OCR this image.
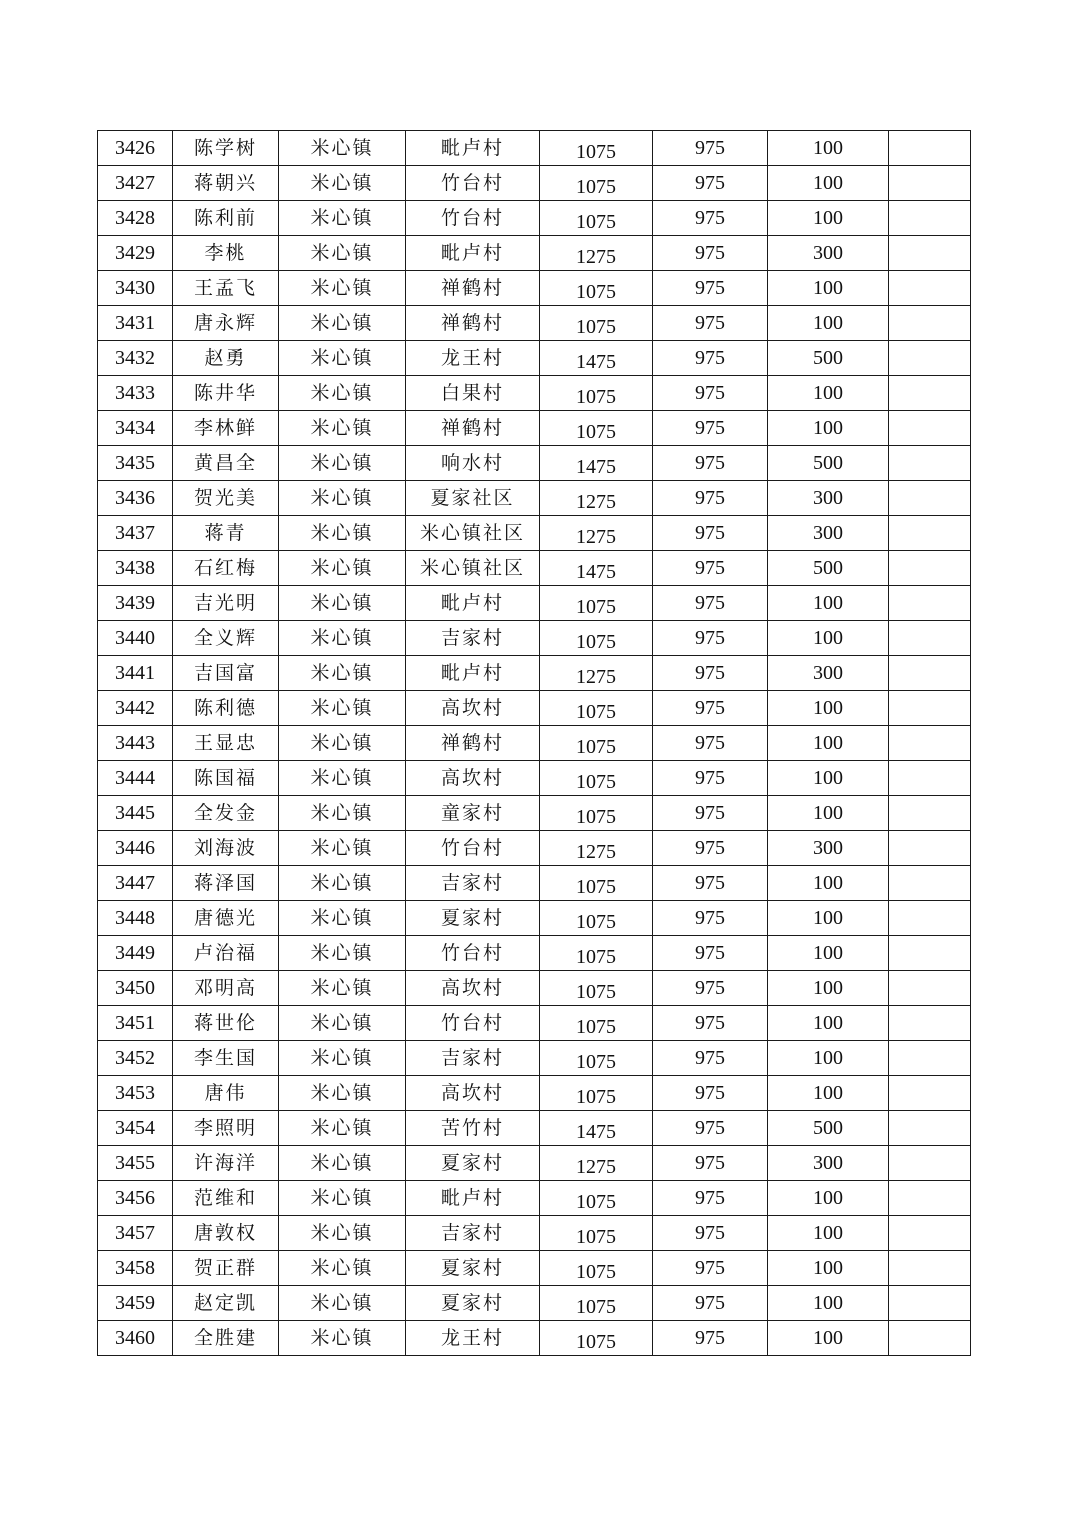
3426	陈学树	米心镇	毗卢村	1075	975	100	
3427	蒋朝兴	米心镇	竹台村	1075	975	100	
3428	陈利前	米心镇	竹台村	1075	975	100	
3429	李桃	米心镇	毗卢村	1275	975	300	
3430	王孟飞	米心镇	禅鹤村	1075	975	100	
3431	唐永辉	米心镇	禅鹤村	1075	975	100	
3432	赵勇	米心镇	龙王村	1475	975	500	
3433	陈井华	米心镇	白果村	1075	975	100	
3434	李林鲜	米心镇	禅鹤村	1075	975	100	
3435	黄昌全	米心镇	响水村	1475	975	500	
3436	贺光美	米心镇	夏家社区	1275	975	300	
3437	蒋青	米心镇	米心镇社区	1275	975	300	
3438	石红梅	米心镇	米心镇社区	1475	975	500	
3439	吉光明	米心镇	毗卢村	1075	975	100	
3440	全义辉	米心镇	吉家村	1075	975	100	
3441	吉国富	米心镇	毗卢村	1275	975	300	
3442	陈利德	米心镇	高坎村	1075	975	100	
3443	王显忠	米心镇	禅鹤村	1075	975	100	
3444	陈国福	米心镇	高坎村	1075	975	100	
3445	全发金	米心镇	童家村	1075	975	100	
3446	刘海波	米心镇	竹台村	1275	975	300	
3447	蒋泽国	米心镇	吉家村	1075	975	100	
3448	唐德光	米心镇	夏家村	1075	975	100	
3449	卢治福	米心镇	竹台村	1075	975	100	
3450	邓明高	米心镇	高坎村	1075	975	100	
3451	蒋世伦	米心镇	竹台村	1075	975	100	
3452	李生国	米心镇	吉家村	1075	975	100	
3453	唐伟	米心镇	高坎村	1075	975	100	
3454	李照明	米心镇	苦竹村	1475	975	500	
3455	许海洋	米心镇	夏家村	1275	975	300	
3456	范维和	米心镇	毗卢村	1075	975	100	
3457	唐敦权	米心镇	吉家村	1075	975	100	
3458	贺正群	米心镇	夏家村	1075	975	100	
3459	赵定凯	米心镇	夏家村	1075	975	100	
3460	全胜建	米心镇	龙王村	1075	975	100	
